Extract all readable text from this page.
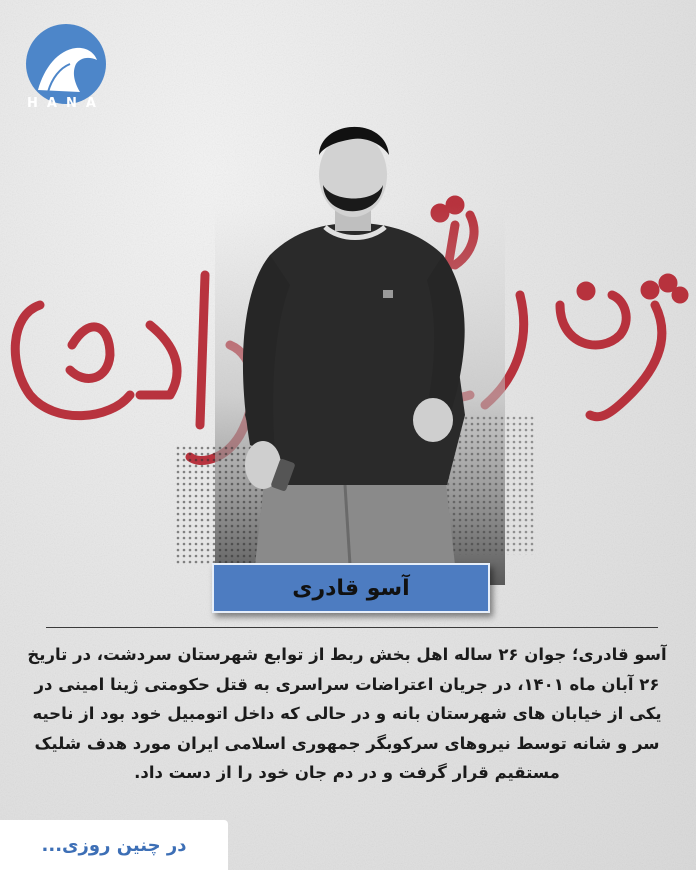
HANA
آسو قادری
آسو قادری؛ جوان ۲۶ ساله اهل بخش ربط از توابع شهرستان سردشت، در تاریخ
۲۶ آبان ماه ۱۴۰۱، در جریان اعتراضات سراسری به قتل حکومتی ژینا امینی در
یکی از خیابان های شهرستان بانه و در حالی که داخل اتومبیل خود بود از ناحیه
سر و شانه توسط نیروهای سرکوبگر جمهوری اسلامی ایران مورد هدف شلیک
مستقیم قرار گرفت و در دم جان خود را از دست داد.
در چنین روزی...
